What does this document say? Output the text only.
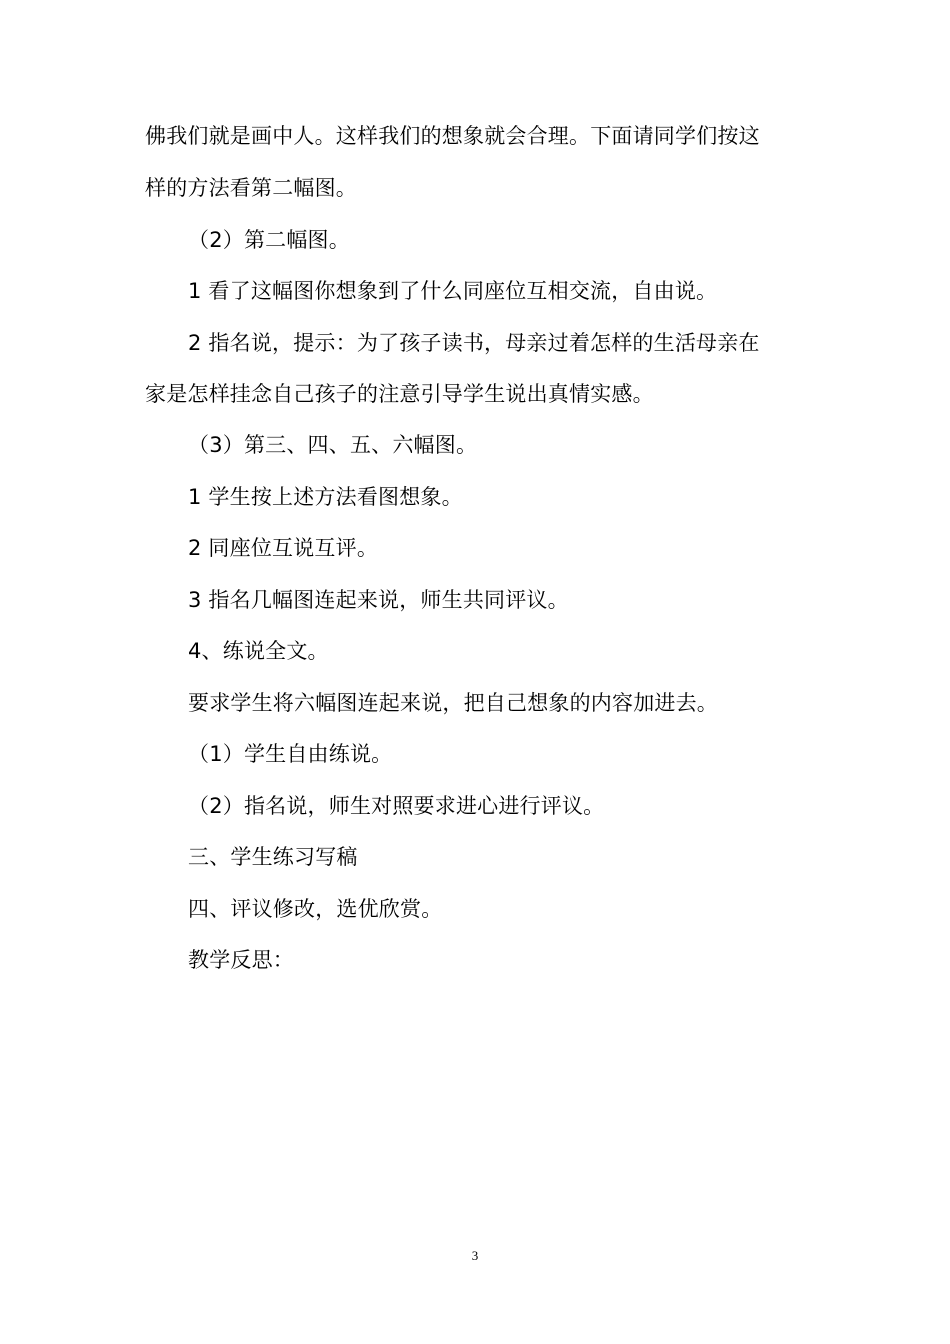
佛我们就是画中人。这样我们的想象就会合理。下面请同学们按这
样的方法看第二幅图。
（2）第二幅图。
1 看了这幅图你想象到了什么同座位互相交流，自由说。
2 指名说，提示：为了孩子读书，母亲过着怎样的生活母亲在
家是怎样挂念自己孩子的注意引导学生说出真情实感。
（3）第三、四、五、六幅图。
1 学生按上述方法看图想象。
2 同座位互说互评。
3 指名几幅图连起来说，师生共同评议。
4、练说全文。
要求学生将六幅图连起来说，把自己想象的内容加进去。
（1）学生自由练说。
（2）指名说，师生对照要求进心进行评议。
三、学生练习写稿
四、评议修改，选优欣赏。
教学反思：
3
